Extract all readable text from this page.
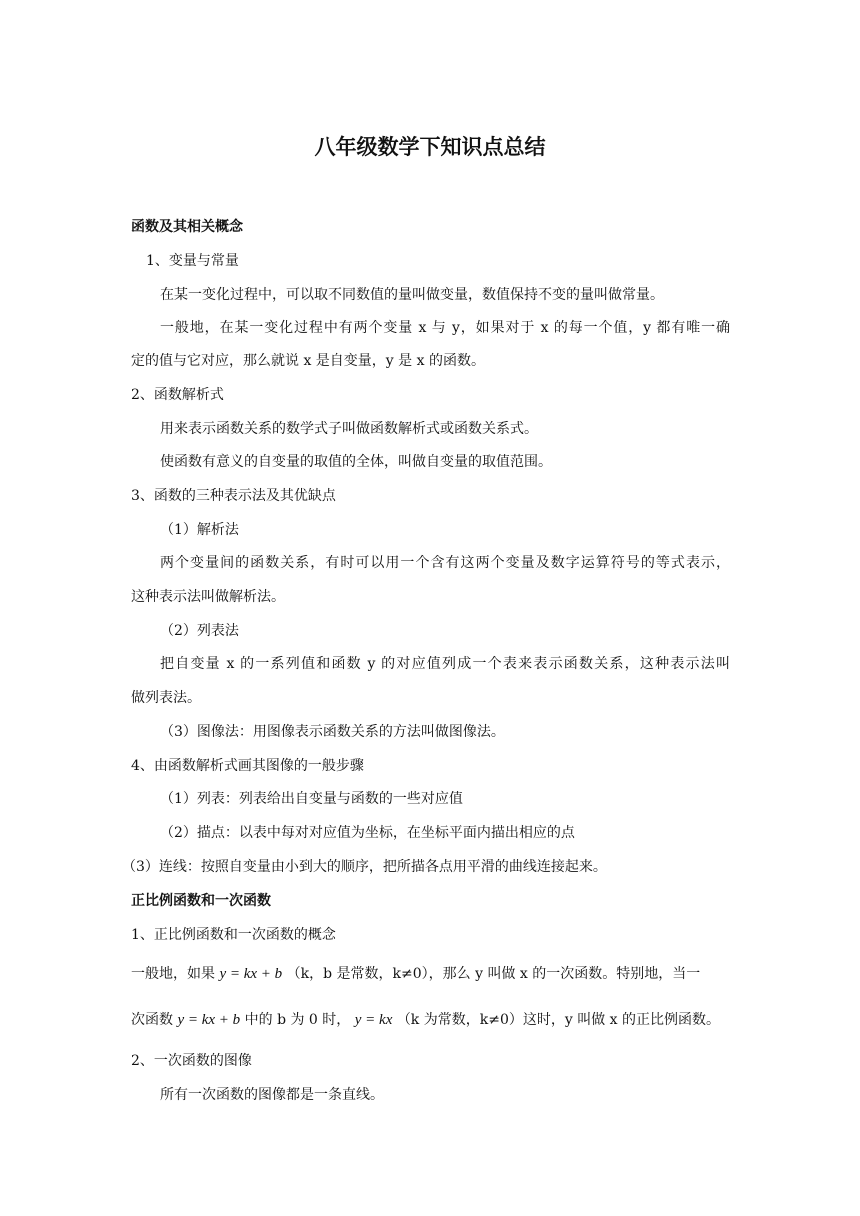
八年级数学下知识点总结
函数及其相关概念
1、变量与常量
在某一变化过程中，可以取不同数值的量叫做变量，数值保持不变的量叫做常量。
一般地，在某一变化过程中有两个变量 x 与 y，如果对于 x 的每一个值，y 都有唯一确
定的值与它对应，那么就说 x 是自变量，y 是 x 的函数。
2、函数解析式
用来表示函数关系的数学式子叫做函数解析式或函数关系式。
使函数有意义的自变量的取值的全体，叫做自变量的取值范围。
3、函数的三种表示法及其优缺点
（1）解析法
两个变量间的函数关系，有时可以用一个含有这两个变量及数字运算符号的等式表示，
这种表示法叫做解析法。
（2）列表法
把自变量 x 的一系列值和函数 y 的对应值列成一个表来表示函数关系，这种表示法叫
做列表法。
（3）图像法：用图像表示函数关系的方法叫做图像法。
4、由函数解析式画其图像的一般步骤
（1）列表：列表给出自变量与函数的一些对应值
（2）描点：以表中每对对应值为坐标，在坐标平面内描出相应的点
（3）连线：按照自变量由小到大的顺序，把所描各点用平滑的曲线连接起来。
正比例函数和一次函数
1、正比例函数和一次函数的概念
一般地，如果 y = kx + b （k，b 是常数，k≠0），那么 y 叫做 x 的一次函数。特别地，当一
次函数 y = kx + b 中的 b 为 0 时， y = kx （k 为常数，k≠0）这时，y 叫做 x 的正比例函数。
2、一次函数的图像
所有一次函数的图像都是一条直线。
